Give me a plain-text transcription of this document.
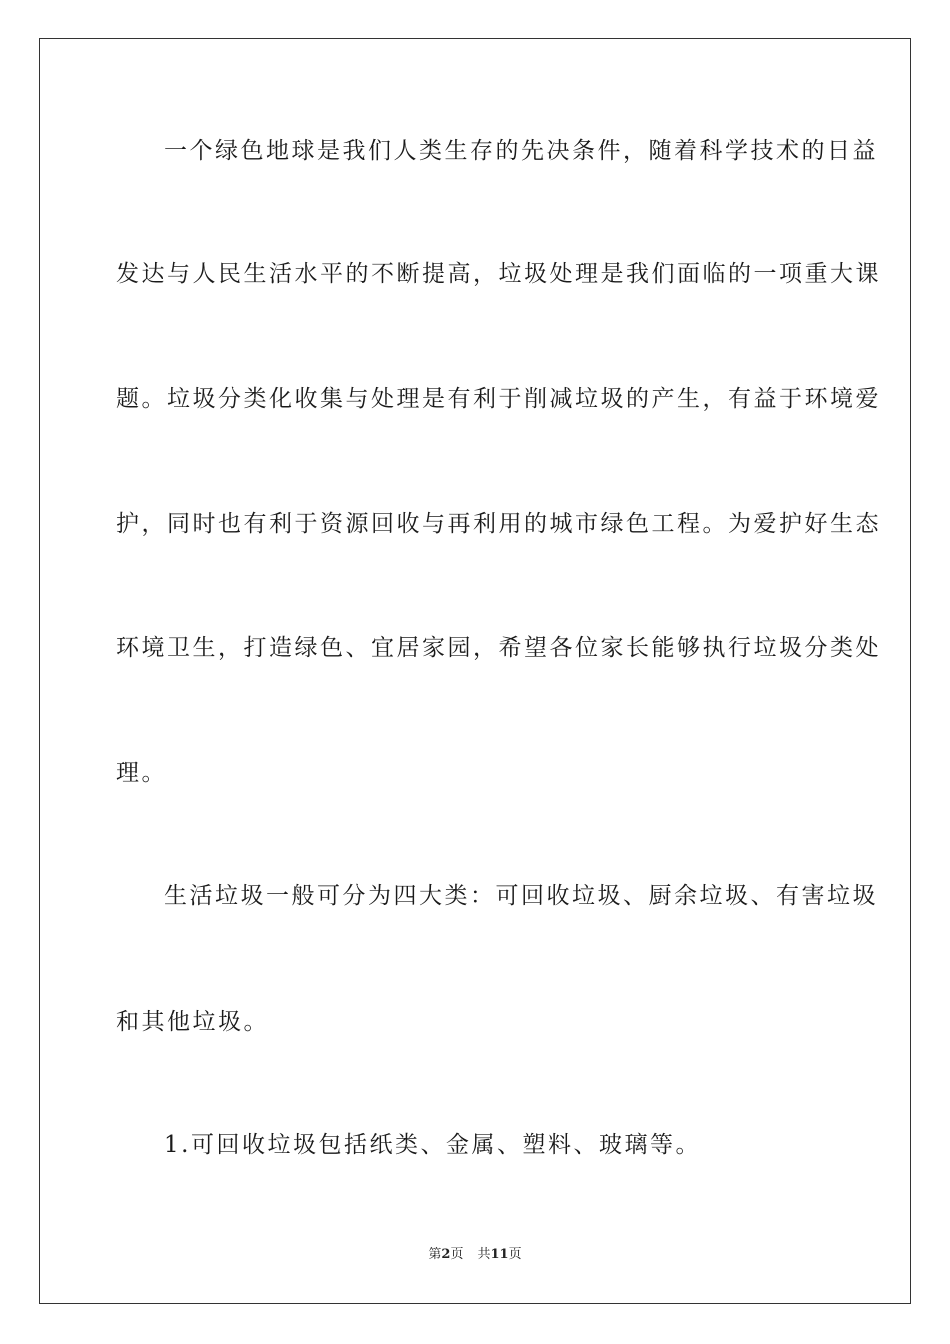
一个绿色地球是我们人类生存的先决条件，随着科学技术的日益
发达与人民生活水平的不断提高，垃圾处理是我们面临的一项重大课
题。垃圾分类化收集与处理是有利于削减垃圾的产生，有益于环境爱
护，同时也有利于资源回收与再利用的城市绿色工程。为爱护好生态
环境卫生，打造绿色、宜居家园，希望各位家长能够执行垃圾分类处
理。
生活垃圾一般可分为四大类：可回收垃圾、厨余垃圾、有害垃圾
和其他垃圾。
1.可回收垃圾包括纸类、金属、塑料、玻璃等。
第2页 共11页
